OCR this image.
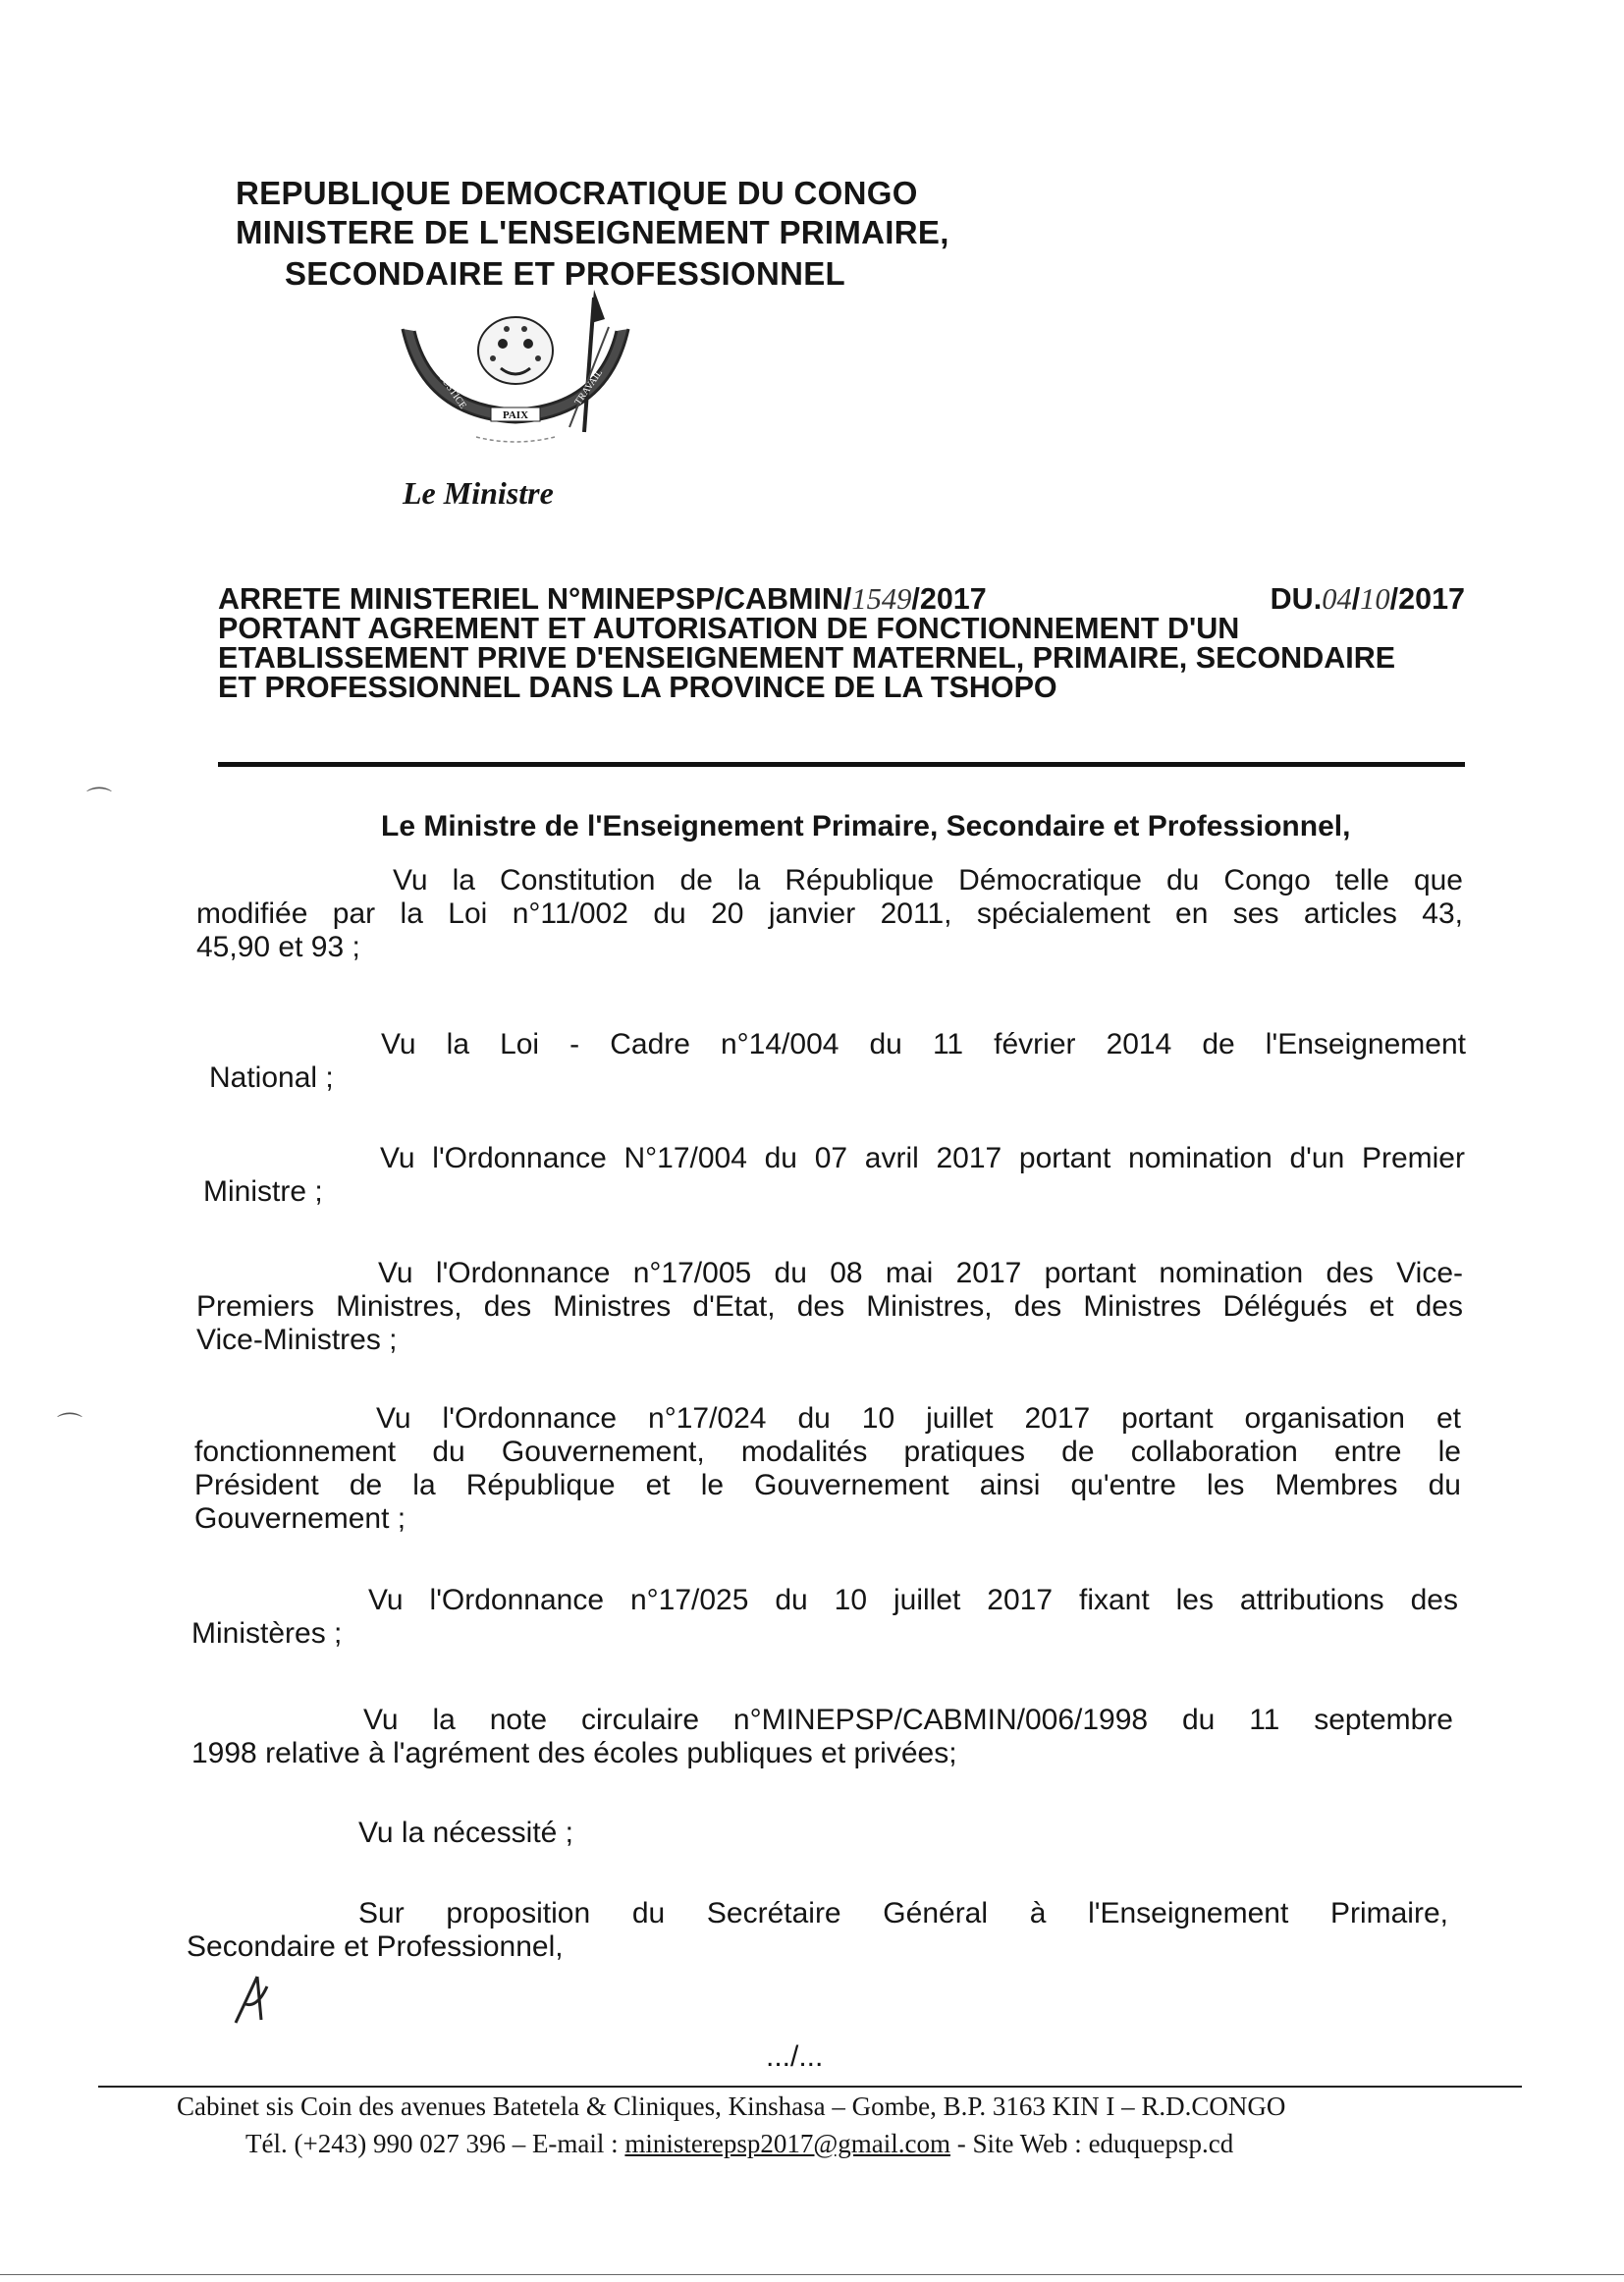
REPUBLIQUE DEMOCRATIQUE DU CONGO
MINISTERE DE L'ENSEIGNEMENT PRIMAIRE,
SECONDAIRE ET PROFESSIONNEL
PAIX
JUSTICE	TRAVAIL
Le Ministre
ARRETE MINISTERIEL N°MINEPSP/CABMIN/1549/2017	DU.04/10/2017
PORTANT AGREMENT ET AUTORISATION DE FONCTIONNEMENT D'UN
ETABLISSEMENT PRIVE D'ENSEIGNEMENT MATERNEL, PRIMAIRE, SECONDAIRE
ET PROFESSIONNEL DANS LA PROVINCE DE LA TSHOPO
Le Ministre de l'Enseignement Primaire, Secondaire et Professionnel,
Vu la Constitution de la République Démocratique du Congo telle que
modifiée par la Loi n°11/002 du 20 janvier 2011, spécialement en ses articles 43,
45,90 et 93 ;
Vu la Loi - Cadre n°14/004 du 11 février 2014 de l'Enseignement
National ;
Vu l'Ordonnance N°17/004 du 07 avril 2017 portant nomination d'un Premier
Ministre ;
Vu l'Ordonnance n°17/005 du 08 mai 2017 portant nomination des Vice-
Premiers Ministres, des Ministres d'Etat, des Ministres, des Ministres Délégués et des
Vice-Ministres ;
Vu l'Ordonnance n°17/024 du 10 juillet 2017 portant organisation et
fonctionnement du Gouvernement, modalités pratiques de collaboration entre le
Président de la République et le Gouvernement ainsi qu'entre les Membres du
Gouvernement ;
Vu l'Ordonnance n°17/025 du 10 juillet 2017 fixant les attributions des
Ministères ;
Vu la note circulaire n°MINEPSP/CABMIN/006/1998 du 11 septembre
1998 relative à l'agrément des écoles publiques et privées;
Vu la nécessité ;
Sur proposition du Secrétaire Général à l'Enseignement Primaire,
Secondaire et Professionnel,
.../...
Cabinet sis Coin des avenues Batetela & Cliniques, Kinshasa – Gombe, B.P. 3163 KIN I – R.D.CONGO
Tél. (+243) 990 027 396 – E-mail : ministerepsp2017@gmail.com - Site Web : eduquepsp.cd
⌒
⌒
